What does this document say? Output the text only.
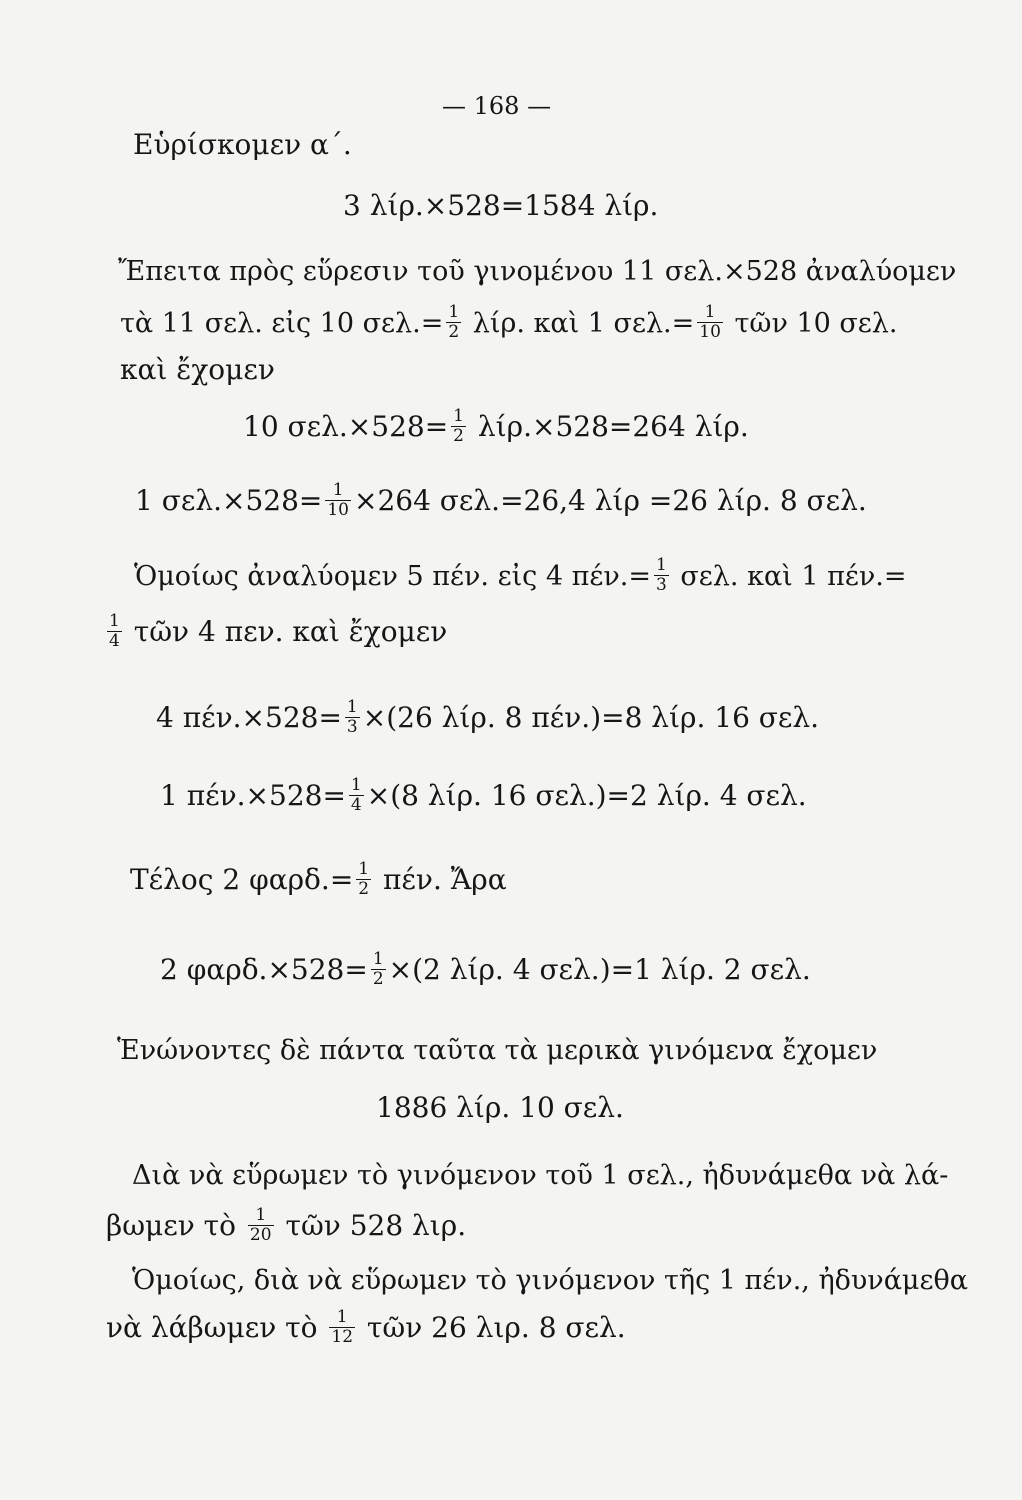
— 168 —
Εὑρίσκομεν α΄.
3 λίρ.×528=1584 λίρ.
Ἔπειτα πρὸς εὕρεσιν τοῦ γινομένου 11 σελ.×528 ἀναλύομεν
τὰ 11 σελ. εἰς 10 $\sigma\varepsilon\lambda.= \frac{1}{2} \lambda ί\rho$. καὶ 1 $\sigma\varepsilon\lambda.= \frac{1}{10}$ τῶν 10 σελ.
καὶ ἔχομεν
10 $\sigma\varepsilon\lambda.\times 528= \frac{1}{2} \lambda ί\rho.\times 528=264$ λίρ.
1 $\sigma\varepsilon\lambda.\times 528= \frac{1}{10} \times 264$ σελ.=26,4 λίρ =26 λίρ. 8 σελ.
Ὁμοίως ἀναλύομεν 5 πέν. εἰς 4 $\pi έ\nu.= \frac{1}{3} \sigma\varepsilon\lambda$. καὶ 1 πέν.=
$\frac{1}{4}$ τῶν 4 πεν. καὶ ἔχομεν
4 $\pi έ\nu.\times 528= \frac{1}{3} \times(26$ λίρ. 8 πέν.)=8 λίρ. 16 σελ.
1 $\pi έ\nu.\times 528= \frac{1}{4} \times(8$ λίρ. 16 σελ.)=2 λίρ. 4 σελ.
Τέλος 2 $\varphi\alpha\rho\delta.= \frac{1}{2} \pi έ\nu$. Ἄρα
2 $\varphi\alpha\rho\delta.\times 528= \frac{1}{2} \times(2$ λίρ. 4 σελ.)=1 λίρ. 2 σελ.
Ἑνώνοντες δὲ πάντα ταῦτα τὰ μερικὰ γινόμενα ἔχομεν
1886 λίρ. 10 σελ.
Διὰ νὰ εὕρωμεν τὸ γινόμενον τοῦ 1 σελ., ἠδυνάμεθα νὰ λά-
βωμεν τὸ $\frac{1}{20}$ τῶν 528 λιρ.
Ὁμοίως, διὰ νὰ εὕρωμεν τὸ γινόμενον τῆς 1 πέν., ἠδυνάμεθα
νὰ λάβωμεν τὸ $\frac{1}{12}$ τῶν 26 λιρ. 8 σελ.
